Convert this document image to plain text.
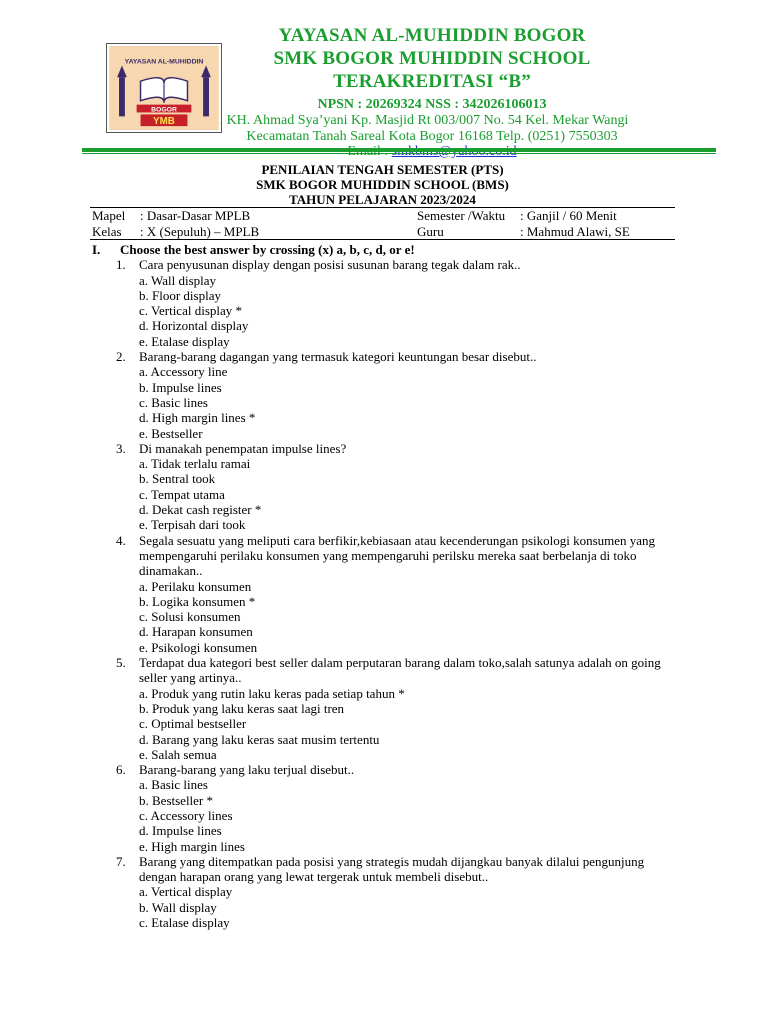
YAYASAN AL-MUHIDDIN
BOGOR
YMB
YAYASAN AL-MUHIDDIN BOGOR
SMK BOGOR MUHIDDIN SCHOOL
TERAKREDITASI “B”
NPSN : 20269324 NSS : 342026106013
. KH. Ahmad Sya’yani Kp. Masjid Rt 003/007 No. 54 Kel. Mekar Wangi
Kecamatan Tanah Sareal Kota Bogor 16168 Telp. (0251) 7550303
PENILAIAN TENGAH SEMESTER (PTS)
SMK BOGOR MUHIDDIN SCHOOL (BMS)
TAHUN PELAJARAN 2023/2024
Mapel : Dasar-Dasar MPLB	Semester /Waktu : Ganjil / 60 Menit
Kelas : X (Sepuluh) – MPLB	Guru	: Mahmud Alawi, SE
I. Choose the best answer by crossing (x) a, b, c, d, or e!
1. Cara penyusunan display dengan posisi susunan barang tegak dalam rak..
a. Wall display
b. Floor display
c. Vertical display *
d. Horizontal display
e. Etalase display
2. Barang-barang dagangan yang termasuk kategori keuntungan besar disebut..
a. Accessory line
b. Impulse lines
c. Basic lines
d. High margin lines *
e. Bestseller
3. Di manakah penempatan impulse lines?
a. Tidak terlalu ramai
b. Sentral took
c. Tempat utama
d. Dekat cash register *
e. Terpisah dari took
4. Segala sesuatu yang meliputi cara berfikir,kebiasaan atau kecenderungan psikologi konsumen yang mempengaruhi perilaku konsumen yang mempengaruhi perilsku mereka saat berbelanja di toko dinamakan..
a. Perilaku konsumen
b. Logika konsumen *
c. Solusi konsumen
d. Harapan konsumen
e. Psikologi konsumen
5. Terdapat dua kategori best seller dalam perputaran barang dalam toko,salah satunya adalah on going seller yang artinya..
a. Produk yang rutin laku keras pada setiap tahun *
b. Produk yang laku keras saat lagi tren
c. Optimal bestseller
d. Barang yang laku keras saat musim tertentu
e. Salah semua
6. Barang-barang yang laku terjual disebut..
a. Basic lines
b. Bestseller *
c. Accessory lines
d. Impulse lines
e. High margin lines
7. Barang yang ditempatkan pada posisi yang strategis mudah dijangkau banyak dilalui pengunjung dengan harapan orang yang lewat tergerak untuk membeli disebut..
a. Vertical display
b. Wall display
c. Etalase display
